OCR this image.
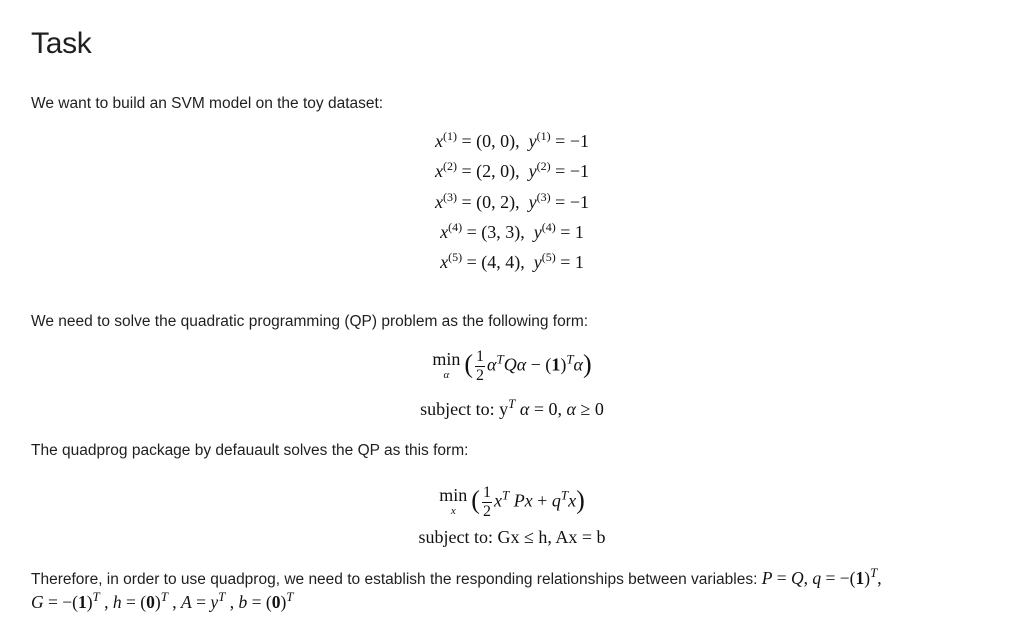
Task
We want to build an SVM model on the toy dataset:
$x^{(1)} = (0$, 0),  $y^{(1)} = -1$
$x^{(2)} = (2$, 0),  $y^{(2)} = -1$
$x^{(3)} = (0$, 2),  $y^{(3)} = -1$
$x^{(4)} = (3$, 3),  $y^{(4)} = 1$
$x^{(5)} = (4$, 4),  $y^{(5)} = 1$
We need to solve the quadratic programming (QP) problem as the following form:
min
α ( $\frac{1}{2} \alpha^TQ\alpha - (1)^T\alpha$)
subject to: $y^T$ α = 0, α ≥ 0
The quadprog package by defauault solves the QP as this form:
min
x ( $\frac{1}{2} x^T$ $Px + q^Tx$)
subject to: Gx ≤ h, Ax = b
Therefore, in order to use quadprog, we need to establish the responding relationships between variables: P = Q, $q = -(1)^T$,
$G = -(1)^T$ , $h = (0)^T$ , $A = y^T$ , $b = (0)^T$
